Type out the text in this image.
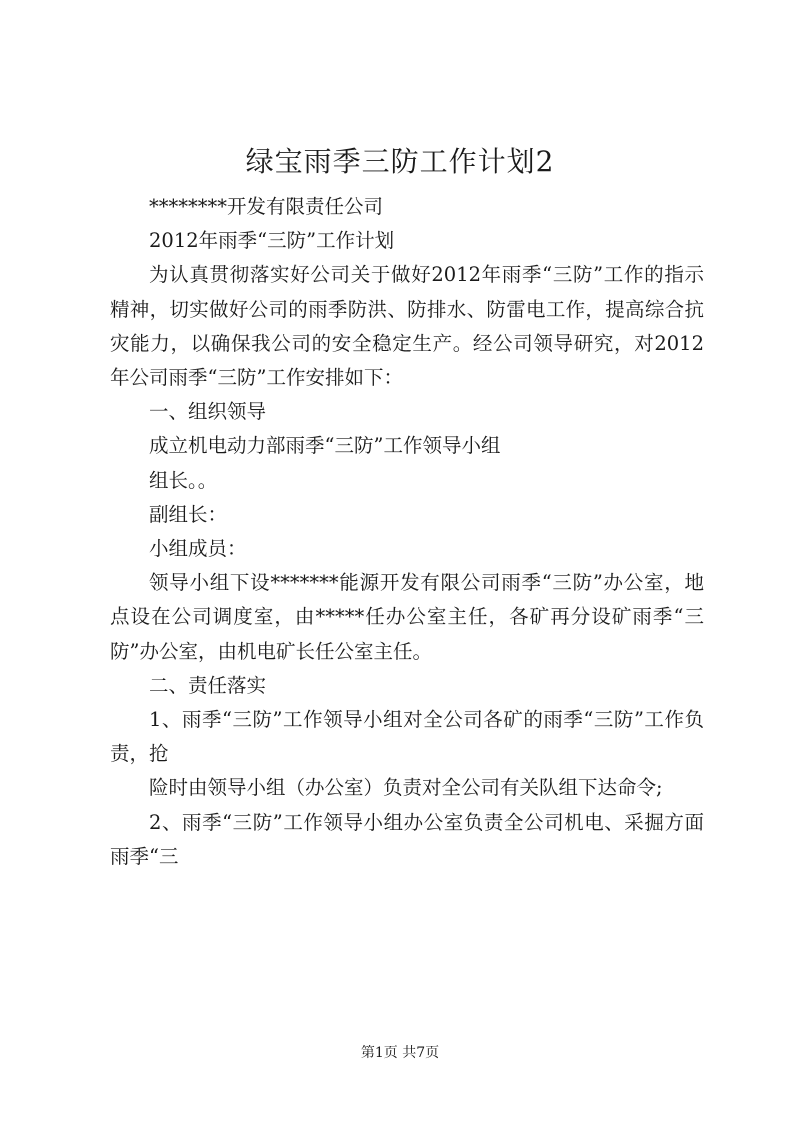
绿宝雨季三防工作计划2

********开发有限责任公司

2012年雨季“三防”工作计划

为认真贯彻落实好公司关于做好2012年雨季“三防”工作的指示精神，切实做好公司的雨季防洪、防排水、防雷电工作，提高综合抗灾能力，以确保我公司的安全稳定生产。经公司领导研究，对2012年公司雨季“三防”工作安排如下：

一、组织领导

成立机电动力部雨季“三防”工作领导小组

组长。。

副组长：

小组成员：

领导小组下设*******能源开发有限公司雨季“三防”办公室，地点设在公司调度室，由*****任办公室主任，各矿再分设矿雨季“三防”办公室，由机电矿长任公室主任。

二、责任落实

1、雨季“三防”工作领导小组对全公司各矿的雨季“三防”工作负责，抢

险时由领导小组（办公室）负责对全公司有关队组下达命令;

2、雨季“三防”工作领导小组办公室负责全公司机电、采掘方面雨季“三

第1页 共7页
